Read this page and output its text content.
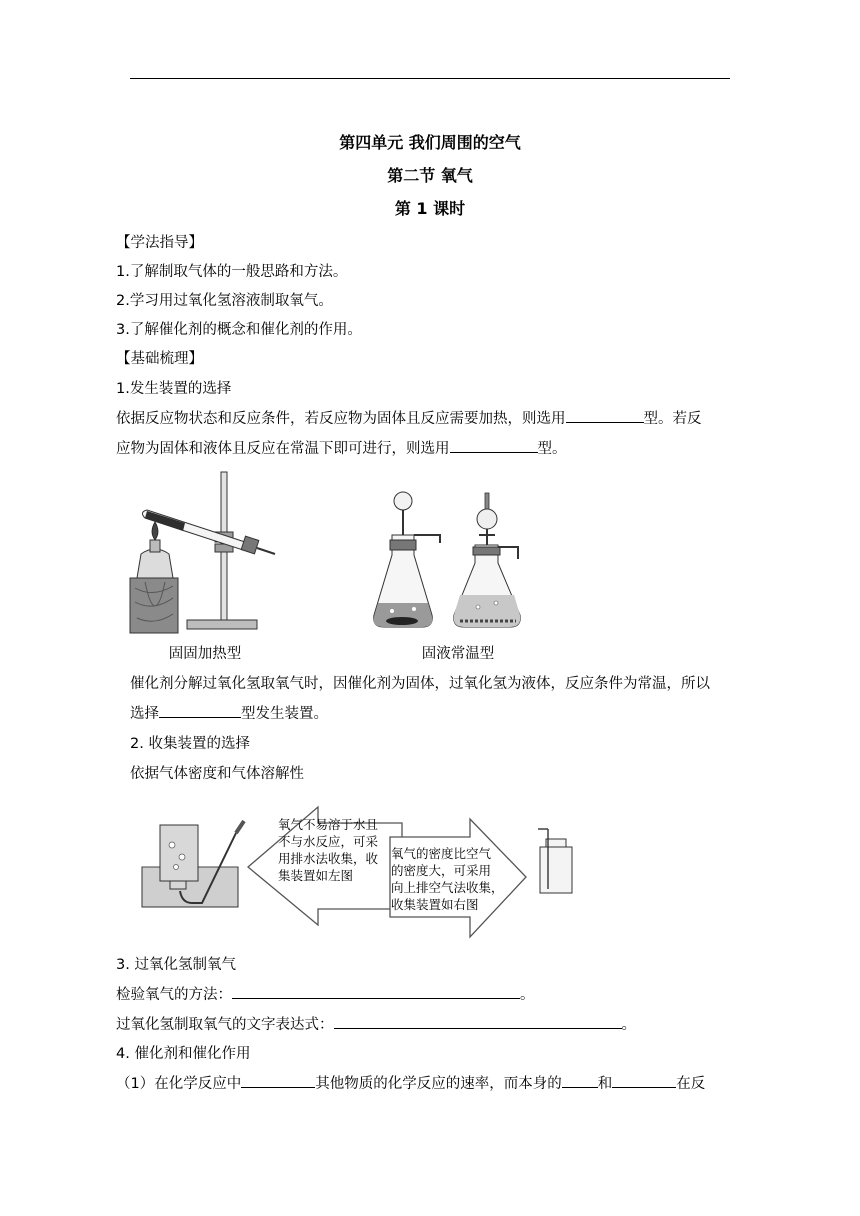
第四单元 我们周围的空气
第二节 氧气
第 1 课时
【学法指导】
1.了解制取气体的一般思路和方法。
2.学习用过氧化氢溶液制取氧气。
3.了解催化剂的概念和催化剂的作用。
【基础梳理】
1.发生装置的选择
依据反应物状态和反应条件，若反应物为固体且反应需要加热，则选用	型。若反
应物为固体和液体且反应在常温下即可进行，则选用	型。
固固加热型	固液常温型
催化剂分解过氧化氢取氧气时，因催化剂为固体，过氧化氢为液体，反应条件为常温，所以
选择	型发生装置。
2. 收集装置的选择
依据气体密度和气体溶解性
氧气不易溶于水且
不与水反应，可采
用排水法收集，收
集装置如左图
氧气的密度比空气
的密度大，可采用
向上排空气法收集，
收集装置如右图
3. 过氧化氢制氧气
检验氧气的方法：	。
过氧化氢制取氧气的文字表达式：	。
4. 催化剂和催化作用
（1）在化学反应中	其他物质的化学反应的速率，而本身的 和	在反
